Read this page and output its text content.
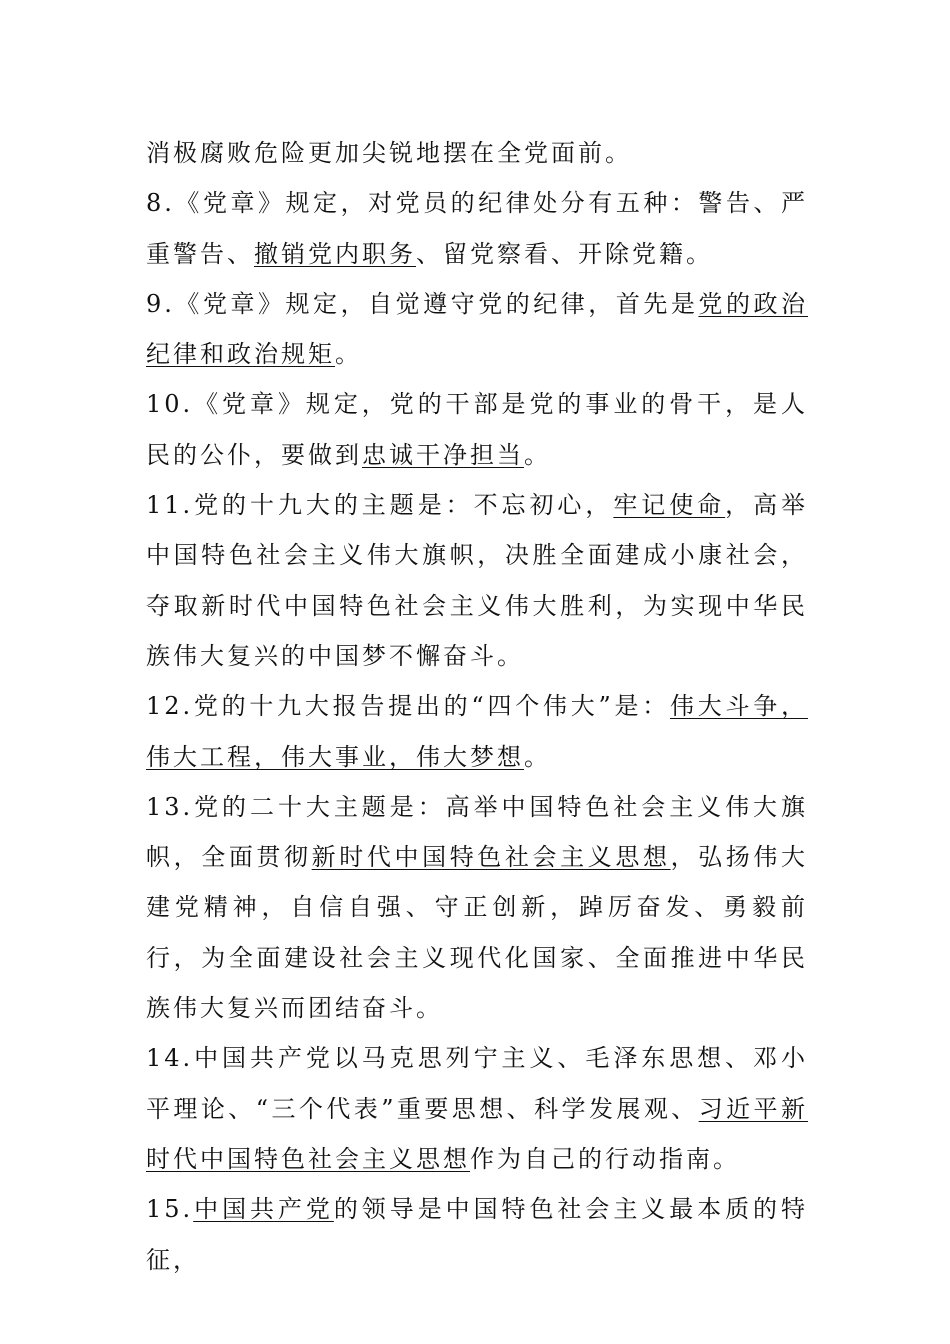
消极腐败危险更加尖锐地摆在全党面前。

8.《党章》规定，对党员的纪律处分有五种：警告、严重警告、撤销党内职务、留党察看、开除党籍。

9.《党章》规定，自觉遵守党的纪律，首先是党的政治纪律和政治规矩。

10.《党章》规定，党的干部是党的事业的骨干，是人民的公仆，要做到忠诚干净担当。

11.党的十九大的主题是：不忘初心，牢记使命，高举中国特色社会主义伟大旗帜，决胜全面建成小康社会，夺取新时代中国特色社会主义伟大胜利，为实现中华民族伟大复兴的中国梦不懈奋斗。

12.党的十九大报告提出的“四个伟大”是：伟大斗争，伟大工程，伟大事业，伟大梦想。

13.党的二十大主题是：高举中国特色社会主义伟大旗帜，全面贯彻新时代中国特色社会主义思想，弘扬伟大建党精神，自信自强、守正创新，踔厉奋发、勇毅前行，为全面建设社会主义现代化国家、全面推进中华民族伟大复兴而团结奋斗。

14.中国共产党以马克思列宁主义、毛泽东思想、邓小平理论、“三个代表”重要思想、科学发展观、习近平新时代中国特色社会主义思想作为自己的行动指南。

15.中国共产党的领导是中国特色社会主义最本质的特征，
